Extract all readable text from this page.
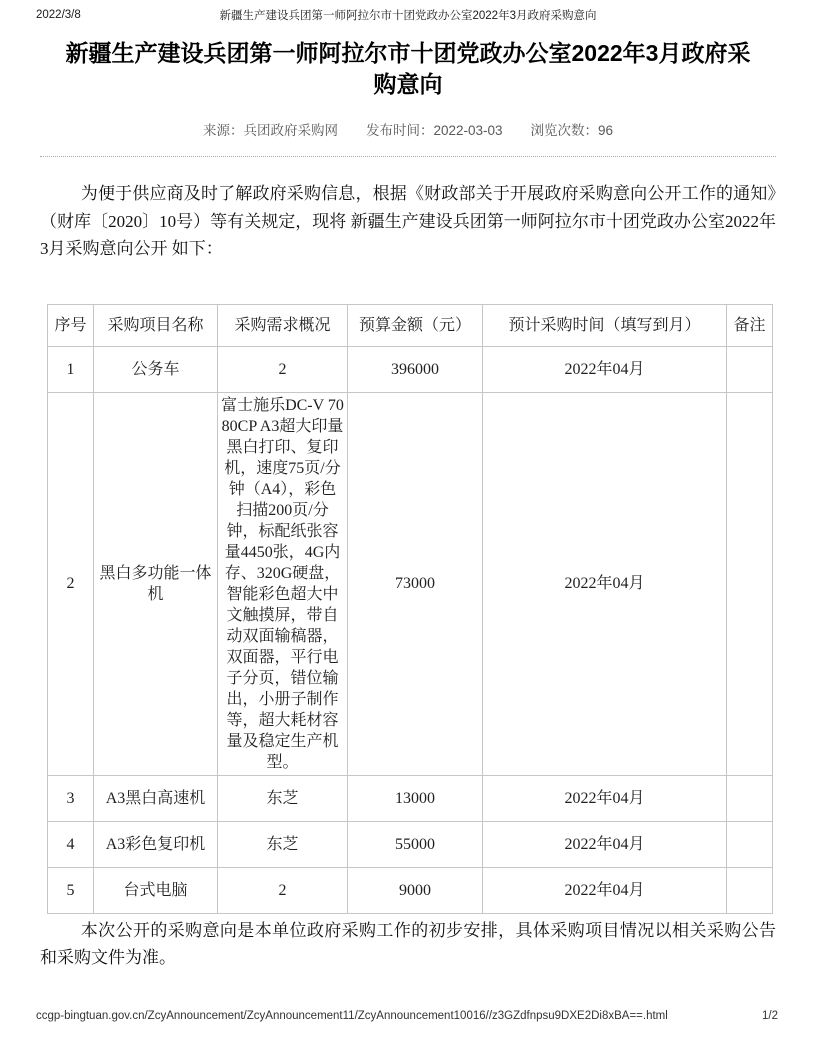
2022/3/8	新疆生产建设兵团第一师阿拉尔市十团党政办公室2022年3月政府采购意向
新疆生产建设兵团第一师阿拉尔市十团党政办公室2022年3月政府采购意向
来源：兵团政府采购网 发布时间：2022-03-03 浏览次数：96

为便于供应商及时了解政府采购信息，根据《财政部关于开展政府采购意向公开工作的通知》（财库〔2020〕10号）等有关规定，现将 新疆生产建设兵团第一师阿拉尔市十团党政办公室2022年3月采购意向公开 如下：

序号	采购项目名称	采购需求概况	预算金额（元）	预计采购时间（填写到月）	备注
1	公务车	2	396000	2022年04月	
2	黑白多功能一体机	富士施乐DC-V 7080CP A3超大印量黑白打印、复印机，速度75页/分钟（A4），彩色扫描200页/分钟，标配纸张容量4450张，4G内存、320G硬盘， 智能彩色超大中文触摸屏，带自动双面输稿器，双面器，平行电子分页，错位输出，小册子制作等，超大耗材容量及稳定生产机型。	73000	2022年04月	
3	A3黑白高速机	东芝	13000	2022年04月	
4	A3彩色复印机	东芝	55000	2022年04月	
5	台式电脑	2	9000	2022年04月	

本次公开的采购意向是本单位政府采购工作的初步安排，具体采购项目情况以相关采购公告和采购文件为准。

ccgp-bingtuan.gov.cn/ZcyAnnouncement/ZcyAnnouncement11/ZcyAnnouncement10016//z3GZdfnpsu9DXE2Di8xBA==.html	1/2
